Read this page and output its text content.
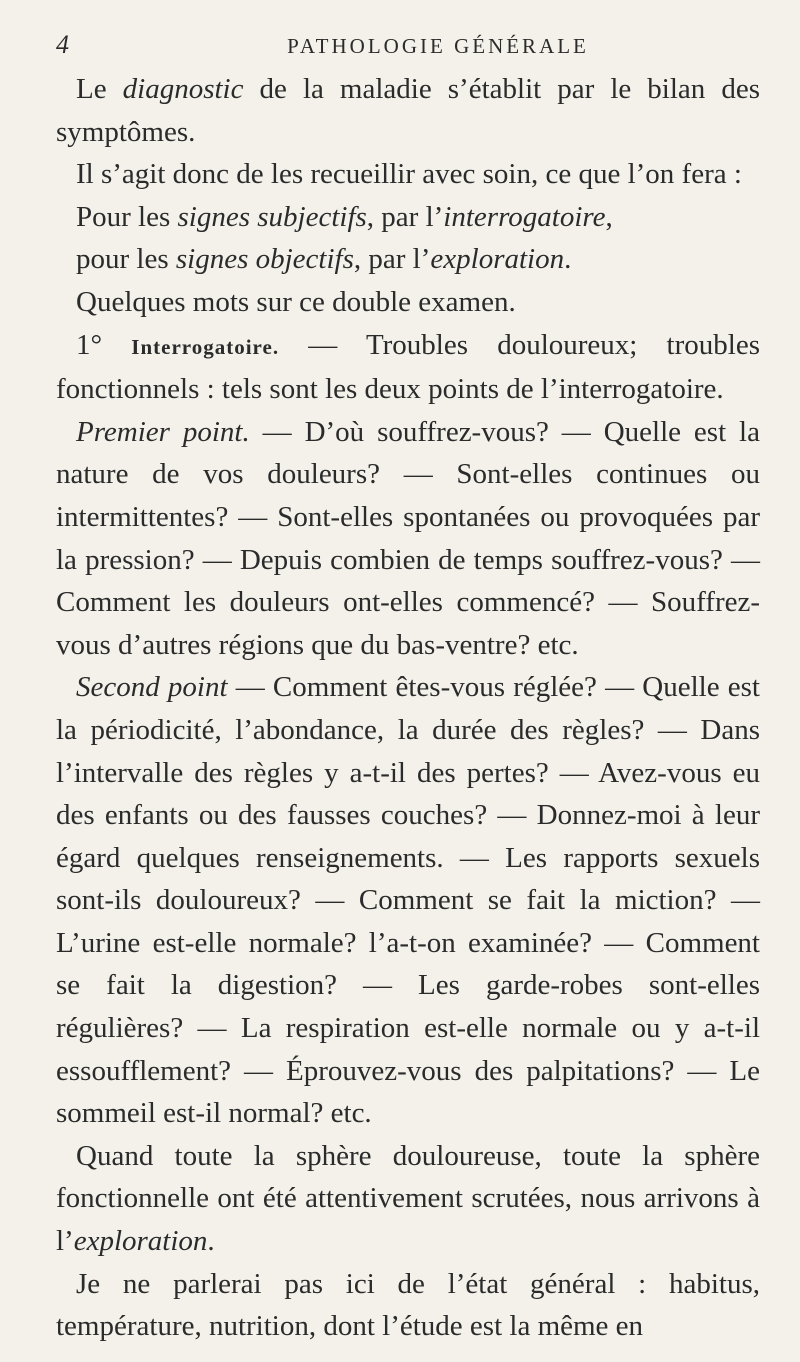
4	PATHOLOGIE GÉNÉRALE

Le diagnostic de la maladie s’établit par le bilan des symptômes.

Il s’agit donc de les recueillir avec soin, ce que l’on fera :

Pour les signes subjectifs, par l’interrogatoire,

pour les signes objectifs, par l’exploration.

Quelques mots sur ce double examen.

1° Interrogatoire. — Troubles douloureux; troubles fonctionnels : tels sont les deux points de l’interrogatoire.

Premier point. — D’où souffrez-vous? — Quelle est la nature de vos douleurs? — Sont-elles continues ou intermittentes? — Sont-elles spontanées ou provoquées par la pression? — Depuis combien de temps souffrez-vous? — Comment les douleurs ont-elles commencé? — Souffrez-vous d’autres régions que du bas-ventre? etc.

Second point — Comment êtes-vous réglée? — Quelle est la périodicité, l’abondance, la durée des règles? — Dans l’intervalle des règles y a-t-il des pertes? — Avez-vous eu des enfants ou des fausses couches? — Donnez-moi à leur égard quelques renseignements. — Les rapports sexuels sont-ils douloureux? — Comment se fait la miction? — L’urine est-elle normale? l’a-t-on examinée? — Comment se fait la digestion? — Les garde-robes sont-elles régulières? — La respiration est-elle normale ou y a-t-il essoufflement? — Éprouvez-vous des palpitations? — Le sommeil est-il normal? etc.

Quand toute la sphère douloureuse, toute la sphère fonctionnelle ont été attentivement scrutées, nous arrivons à l’exploration.

Je ne parlerai pas ici de l’état général : habitus, température, nutrition, dont l’étude est la même en
